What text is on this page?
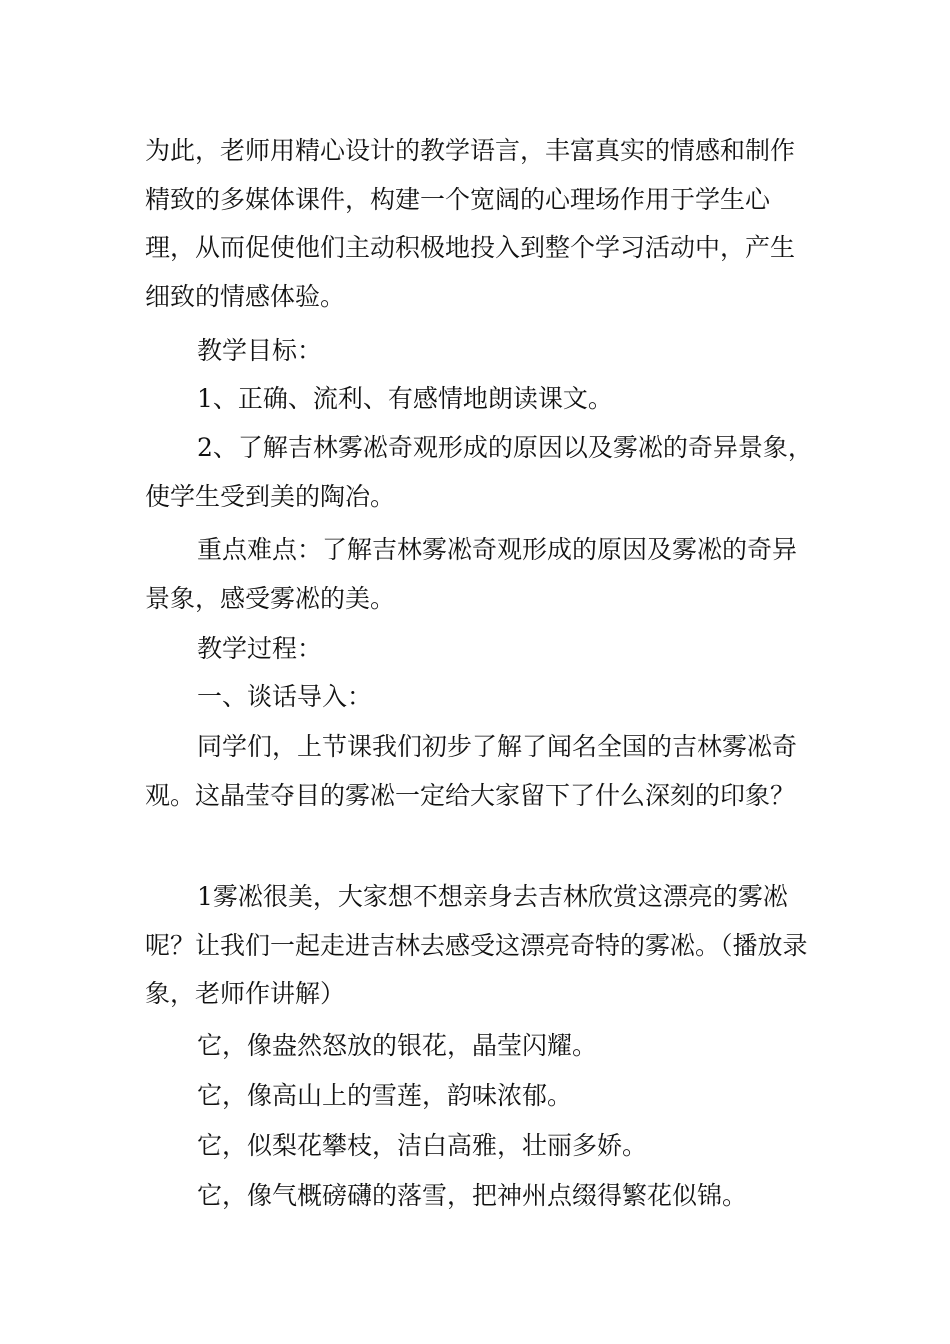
为此，老师用精心设计的教学语言，丰富真实的情感和制作精致的多媒体课件，构建一个宽阔的心理场作用于学生心理，从而促使他们主动积极地投入到整个学习活动中，产生细致的情感体验。

教学目标：

1、正确、流利、有感情地朗读课文。

2、了解吉林雾凇奇观形成的原因以及雾凇的奇异景象，使学生受到美的陶冶。

重点难点：了解吉林雾凇奇观形成的原因及雾凇的奇异景象，感受雾凇的美。

教学过程：

一、谈话导入：

同学们，上节课我们初步了解了闻名全国的吉林雾凇奇观。这晶莹夺目的雾凇一定给大家留下了什么深刻的印象？

1雾凇很美，大家想不想亲身去吉林欣赏这漂亮的雾凇呢？让我们一起走进吉林去感受这漂亮奇特的雾凇。（播放录象，老师作讲解）

它，像盎然怒放的银花，晶莹闪耀。

它，像高山上的雪莲，韵味浓郁。

它，似梨花攀枝，洁白高雅，壮丽多娇。

它，像气概磅礴的落雪，把神州点缀得繁花似锦。
